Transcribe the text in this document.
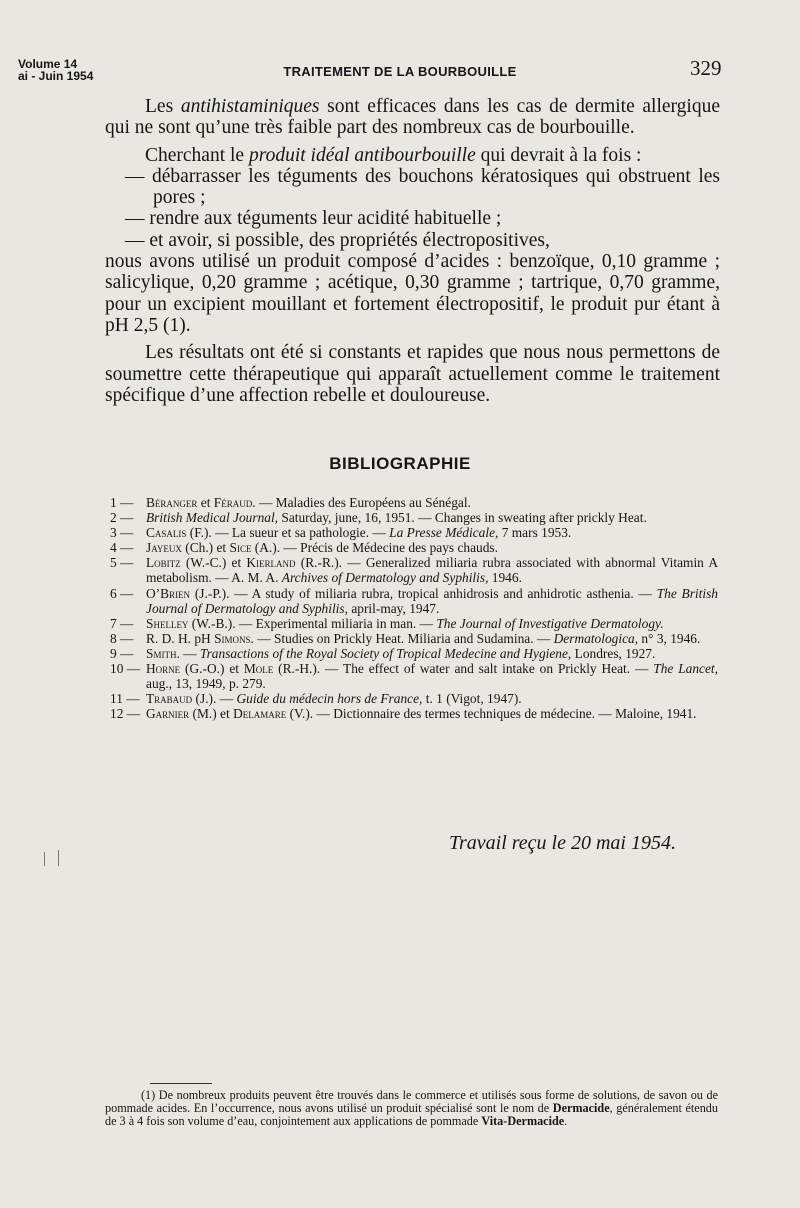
Volume 14
ai - Juin 1954	TRAITEMENT DE LA BOURBOUILLE	329

Les antihistaminiques sont efficaces dans les cas de dermite allergique qui ne sont qu’une très faible part des nombreux cas de bourbouille.

Cherchant le produit idéal antibourbouille qui devrait à la fois :

— débarrasser les téguments des bouchons kératosiques qui obstruent les pores ;

— rendre aux téguments leur acidité habituelle ;

— et avoir, si possible, des propriétés électropositives,

nous avons utilisé un produit composé d’acides : benzoïque, 0,10 gramme ; salicylique, 0,20 gramme ; acétique, 0,30 gramme ; tartrique, 0,70 gramme, pour un excipient mouillant et fortement électropositif, le produit pur étant à pH 2,5 (1).

Les résultats ont été si constants et rapides que nous nous permettons de soumettre cette thérapeutique qui apparaît actuellement comme le traitement spécifique d’une affection rebelle et douloureuse.

BIBLIOGRAPHIE
1 — Béranger et Féraud. — Maladies des Européens au Sénégal.
2 — British Medical Journal, Saturday, june, 16, 1951. — Changes in sweating after prickly Heat.
3 — Casalis (F.). — La sueur et sa pathologie. — La Presse Médicale, 7 mars 1953.
4 — Jayeux (Ch.) et Sice (A.). — Précis de Médecine des pays chauds.
5 — Lobitz (W.-C.) et Kierland (R.-R.). — Generalized miliaria rubra associated with abnormal Vitamin A metabolism. — A. M. A. Archives of Dermatology and Syphilis, 1946.
6 — O’Brien (J.-P.). — A study of miliaria rubra, tropical anhidrosis and anhidrotic asthenia. — The British Journal of Dermatology and Syphilis, april-may, 1947.
7 — Shelley (W.-B.). — Experimental miliaria in man. — The Journal of Investigative Dermatology.
8 — R. D. H. pH Simons. — Studies on Prickly Heat. Miliaria and Sudamina. — Dermatologica, n° 3, 1946.
9 — Smith. — Transactions of the Royal Society of Tropical Medecine and Hygiene, Londres, 1927.
10 — Horne (G.-O.) et Mole (R.-H.). — The effect of water and salt intake on Prickly Heat. — The Lancet, aug., 13, 1949, p. 279.
11 — Trabaud (J.). — Guide du médecin hors de France, t. 1 (Vigot, 1947).
12 — Garnier (M.) et Delamare (V.). — Dictionnaire des termes techniques de médecine. — Maloine, 1941.
Travail reçu le 20 mai 1954.

(1) De nombreux produits peuvent être trouvés dans le commerce et utilisés sous forme de solutions, de savon ou de pommade acides. En l’occurrence, nous avons utilisé un produit spécialisé sont le nom de Dermacide, généralement étendu de 3 à 4 fois son volume d’eau, conjointement aux applications de pommade Vita-Dermacide.
